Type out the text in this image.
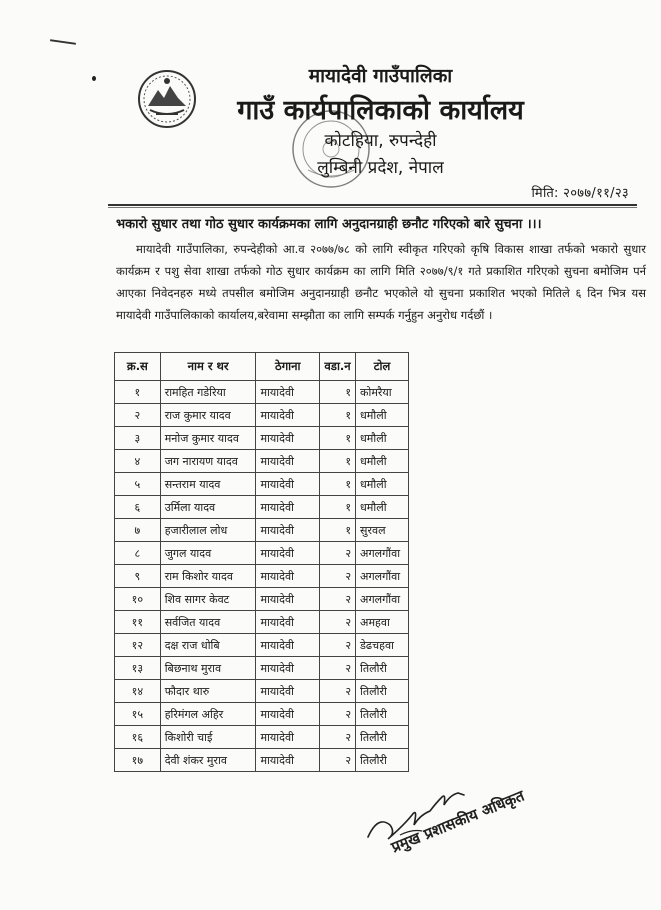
मायादेवी गाउँपालिका
गाउँ कार्यपालिकाको कार्यालय
कोटहिया, रुपन्देही
लुम्बिनी प्रदेश, नेपाल
मिति: २०७७/११/२३
भकारो सुधार तथा गोठ सुधार कार्यक्रमका लागि अनुदानग्राही छनौट गरिएको बारे सुचना ।।।
मायादेवी गाउँपालिका, रुपन्देहीको आ.व २०७७/७८ को लागि स्वीकृत गरिएको कृषि विकास शाखा तर्फको भकारो सुधार कार्यक्रम र पशु सेवा शाखा तर्फको गोठ सुधार कार्यक्रम का लागि मिति २०७७/९/१ गते प्रकाशित गरिएको सुचना बमोजिम पर्न आएका निवेदनहरु मध्ये तपसील बमोजिम अनुदानग्राही छनौट भएकोले यो सुचना प्रकाशित भएको मितिले ६ दिन भित्र यस मायादेवी गाउँपालिकाको कार्यालय,बरेवामा सम्झौता का लागि सम्पर्क गर्नुहुन अनुरोध गर्दछौं ।
क्र.स	नाम र थर	ठेगाना	वडा.न	टोल
१	रामहित गडेरिया	मायादेवी	१	कोमरैया
२	राज कुमार यादव	मायादेवी	१	धमौली
३	मनोज कुमार यादव	मायादेवी	१	धमौली
४	जग नारायण यादव	मायादेवी	१	धमौली
५	सन्तराम यादव	मायादेवी	१	धमौली
६	उर्मिला यादव	मायादेवी	१	धमौली
७	हजारीलाल लोध	मायादेवी	१	सुरवल
८	जुगल यादव	मायादेवी	२	अगलगौंवा
९	राम किशोर यादव	मायादेवी	२	अगलगौंवा
१०	शिव सागर केवट	मायादेवी	२	अगलगौंवा
११	सर्वजित यादव	मायादेवी	२	अमहवा
१२	दक्ष राज धोबि	मायादेवी	२	डेढचहवा
१३	बिछनाथ मुराव	मायादेवी	२	तिलौरी
१४	फौदार थारु	मायादेवी	२	तिलौरी
१५	हरिमंगल अहिर	मायादेवी	२	तिलौरी
१६	किशोरी चाई	मायादेवी	२	तिलौरी
१७	देवी शंकर मुराव	मायादेवी	२	तिलौरी
प्रमुख प्रशासकीय अधिकृत
